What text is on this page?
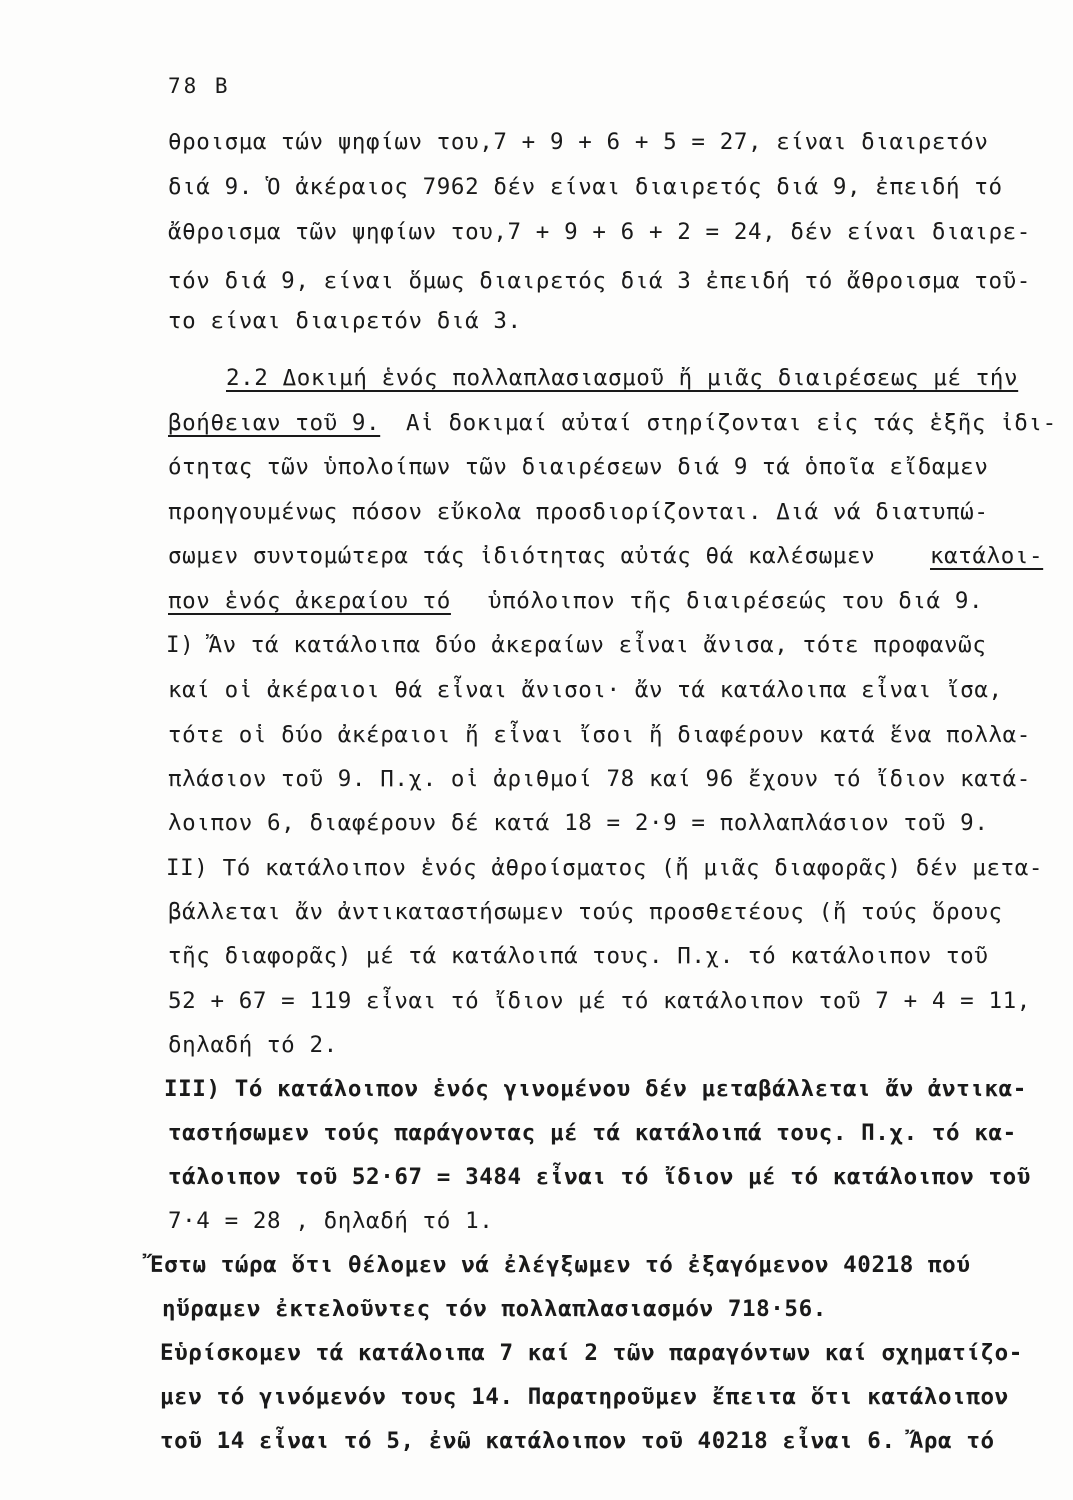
78 B
θροισμα τών ψηφίων του,7 + 9 + 6 + 5 = 27, είναι διαιρετόν
διά 9. Ὁ ἀκέραιος 7962 δέν είναι διαιρετός διά 9, ἐπειδή τό
ἄθροισμα τῶν ψηφίων του,7 + 9 + 6 + 2 = 24, δέν είναι διαιρε-
τόν διά 9, είναι ὅμως διαιρετός διά 3 ἐπειδή τό ἄθροισμα τοῦ-
το είναι διαιρετόν διά 3.
2.2 Δοκιμή ἑνός πολλαπλασιασμοῦ ἤ μιᾶς διαιρέσεως μέ τήν
βοήθειαν τοῦ 9. Αἱ δοκιμαί αὐταί στηρίζονται εἰς τάς ἑξῆς ἰδι-
ότητας τῶν ὑπολοίπων τῶν διαιρέσεων διά 9 τά ὁποῖα εἴδαμεν
προηγουμένως πόσον εὔκολα προσδιορίζονται. Διά νά διατυπώ-
σωμεν συντομώτερα τάς ἰδιότητας αὐτάς θά καλέσωμεν κατάλοι-
πον ἑνός ἀκεραίου τό ὑπόλοιπον τῆς διαιρέσεώς του διά 9.
I) Ἄν τά κατάλοιπα δύο ἀκεραίων εἶναι ἄνισα, τότε προφανῶς
καί οἱ ἀκέραιοι θά εἶναι ἄνισοι· ἄν τά κατάλοιπα εἶναι ἴσα,
τότε οἱ δύο ἀκέραιοι ἤ εἶναι ἴσοι ἤ διαφέρουν κατά ἕνα πολλα-
πλάσιον τοῦ 9. Π.χ. οἱ ἀριθμοί 78 καί 96 ἔχουν τό ἴδιον κατά-
λοιπον 6, διαφέρουν δέ κατά 18 = 2·9 = πολλαπλάσιον τοῦ 9.
II) Τό κατάλοιπον ἑνός ἀθροίσματος (ἤ μιᾶς διαφορᾶς) δέν μετα-
βάλλεται ἄν ἀντικαταστήσωμεν τούς προσθετέους (ἤ τούς ὅρους
τῆς διαφορᾶς) μέ τά κατάλοιπά τους. Π.χ. τό κατάλοιπον τοῦ
52 + 67 = 119 εἶναι τό ἴδιον μέ τό κατάλοιπον τοῦ 7 + 4 = 11,
δηλαδή τό 2.
III) Τό κατάλοιπον ἑνός γινομένου δέν μεταβάλλεται ἄν ἀντικα-
ταστήσωμεν τούς παράγοντας μέ τά κατάλοιπά τους. Π.χ. τό κα-
τάλοιπον τοῦ 52·67 = 3484 εἶναι τό ἴδιον μέ τό κατάλοιπον τοῦ
7·4 = 28 , δηλαδή τό 1.
Ἔστω τώρα ὅτι θέλομεν νά ἐλέγξωμεν τό ἐξαγόμενον 40218 πού
ηὕραμεν ἐκτελοῦντες τόν πολλαπλασιασμόν 718·56.
Εὑρίσκομεν τά κατάλοιπα 7 καί 2 τῶν παραγόντων καί σχηματίζο-
μεν τό γινόμενόν τους 14. Παρατηροῦμεν ἔπειτα ὅτι κατάλοιπον
τοῦ 14 εἶναι τό 5, ἐνῶ κατάλοιπον τοῦ 40218 εἶναι 6. Ἄρα τό
